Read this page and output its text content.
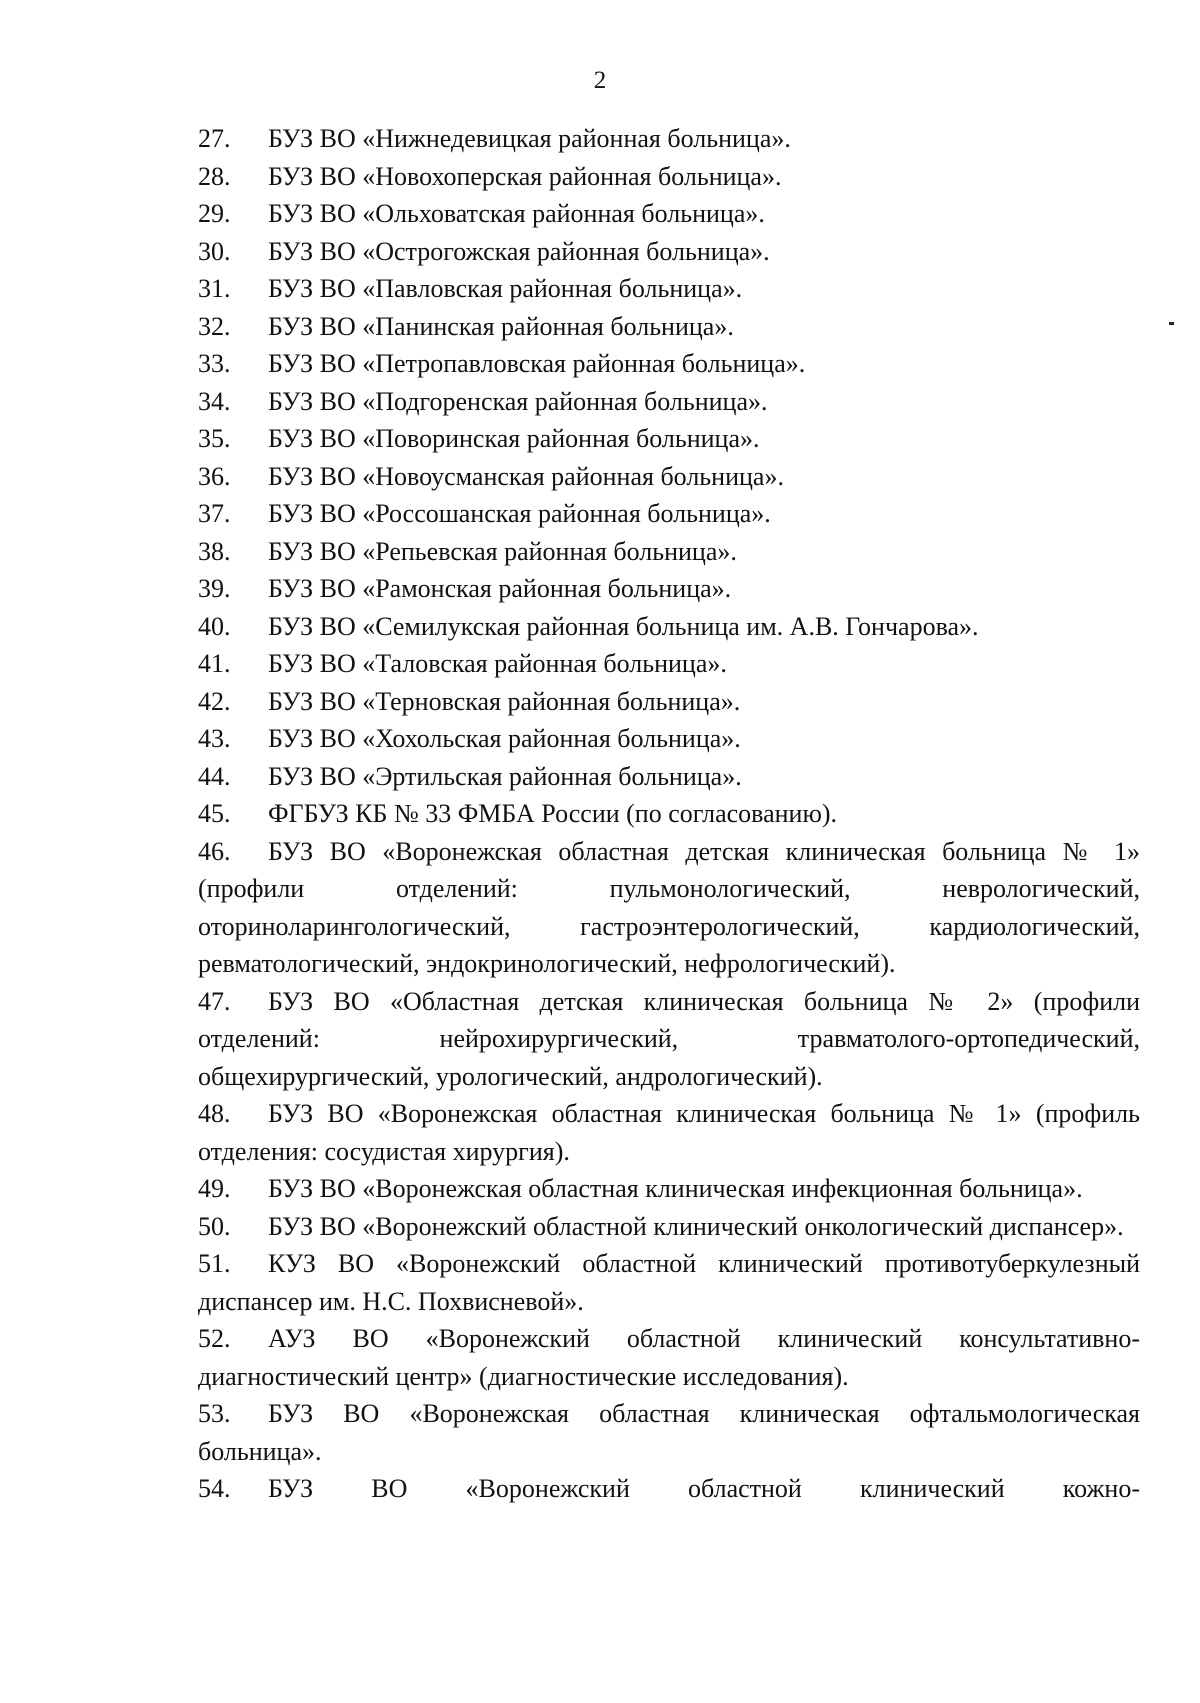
2
27. БУЗ ВО «Нижнедевицкая районная больница».
28. БУЗ ВО «Новохоперская районная больница».
29. БУЗ ВО «Ольховатская районная больница».
30. БУЗ ВО «Острогожская районная больница».
31. БУЗ ВО «Павловская районная больница».
32. БУЗ ВО «Панинская районная больница».
33. БУЗ ВО «Петропавловская районная больница».
34. БУЗ ВО «Подгоренская районная больница».
35. БУЗ ВО «Поворинская районная больница».
36. БУЗ ВО «Новоусманская районная больница».
37. БУЗ ВО «Россошанская районная больница».
38. БУЗ ВО «Репьевская районная больница».
39. БУЗ ВО «Рамонская районная больница».
40. БУЗ ВО «Семилукская районная больница им. А.В. Гончарова».
41. БУЗ ВО «Таловская районная больница».
42. БУЗ ВО «Терновская районная больница».
43. БУЗ ВО «Хохольская районная больница».
44. БУЗ ВО «Эртильская районная больница».
45. ФГБУЗ КБ № 33 ФМБА России (по согласованию).
46. БУЗ ВО «Воронежская областная детская клиническая больница № 1» (профили отделений: пульмонологический, неврологический, оториноларингологический, гастроэнтерологический, кардиологический, ревматологический, эндокринологический, нефрологический).
47. БУЗ ВО «Областная детская клиническая больница № 2» (профили отделений: нейрохирургический, травматолого-ортопедический, общехирургический, урологический, андрологический).
48. БУЗ ВО «Воронежская областная клиническая больница № 1» (профиль отделения: сосудистая хирургия).
49. БУЗ ВО «Воронежская областная клиническая инфекционная больница».
50. БУЗ ВО «Воронежский областной клинический онкологический диспансер».
51. КУЗ ВО «Воронежский областной клинический противотуберкулезный диспансер им. Н.С. Похвисневой».
52. АУЗ ВО «Воронежский областной клинический консультативно-диагностический центр» (диагностические исследования).
53. БУЗ ВО «Воронежская областная клиническая офтальмологическая больница».
54. БУЗ ВО «Воронежский областной клинический кожно-
